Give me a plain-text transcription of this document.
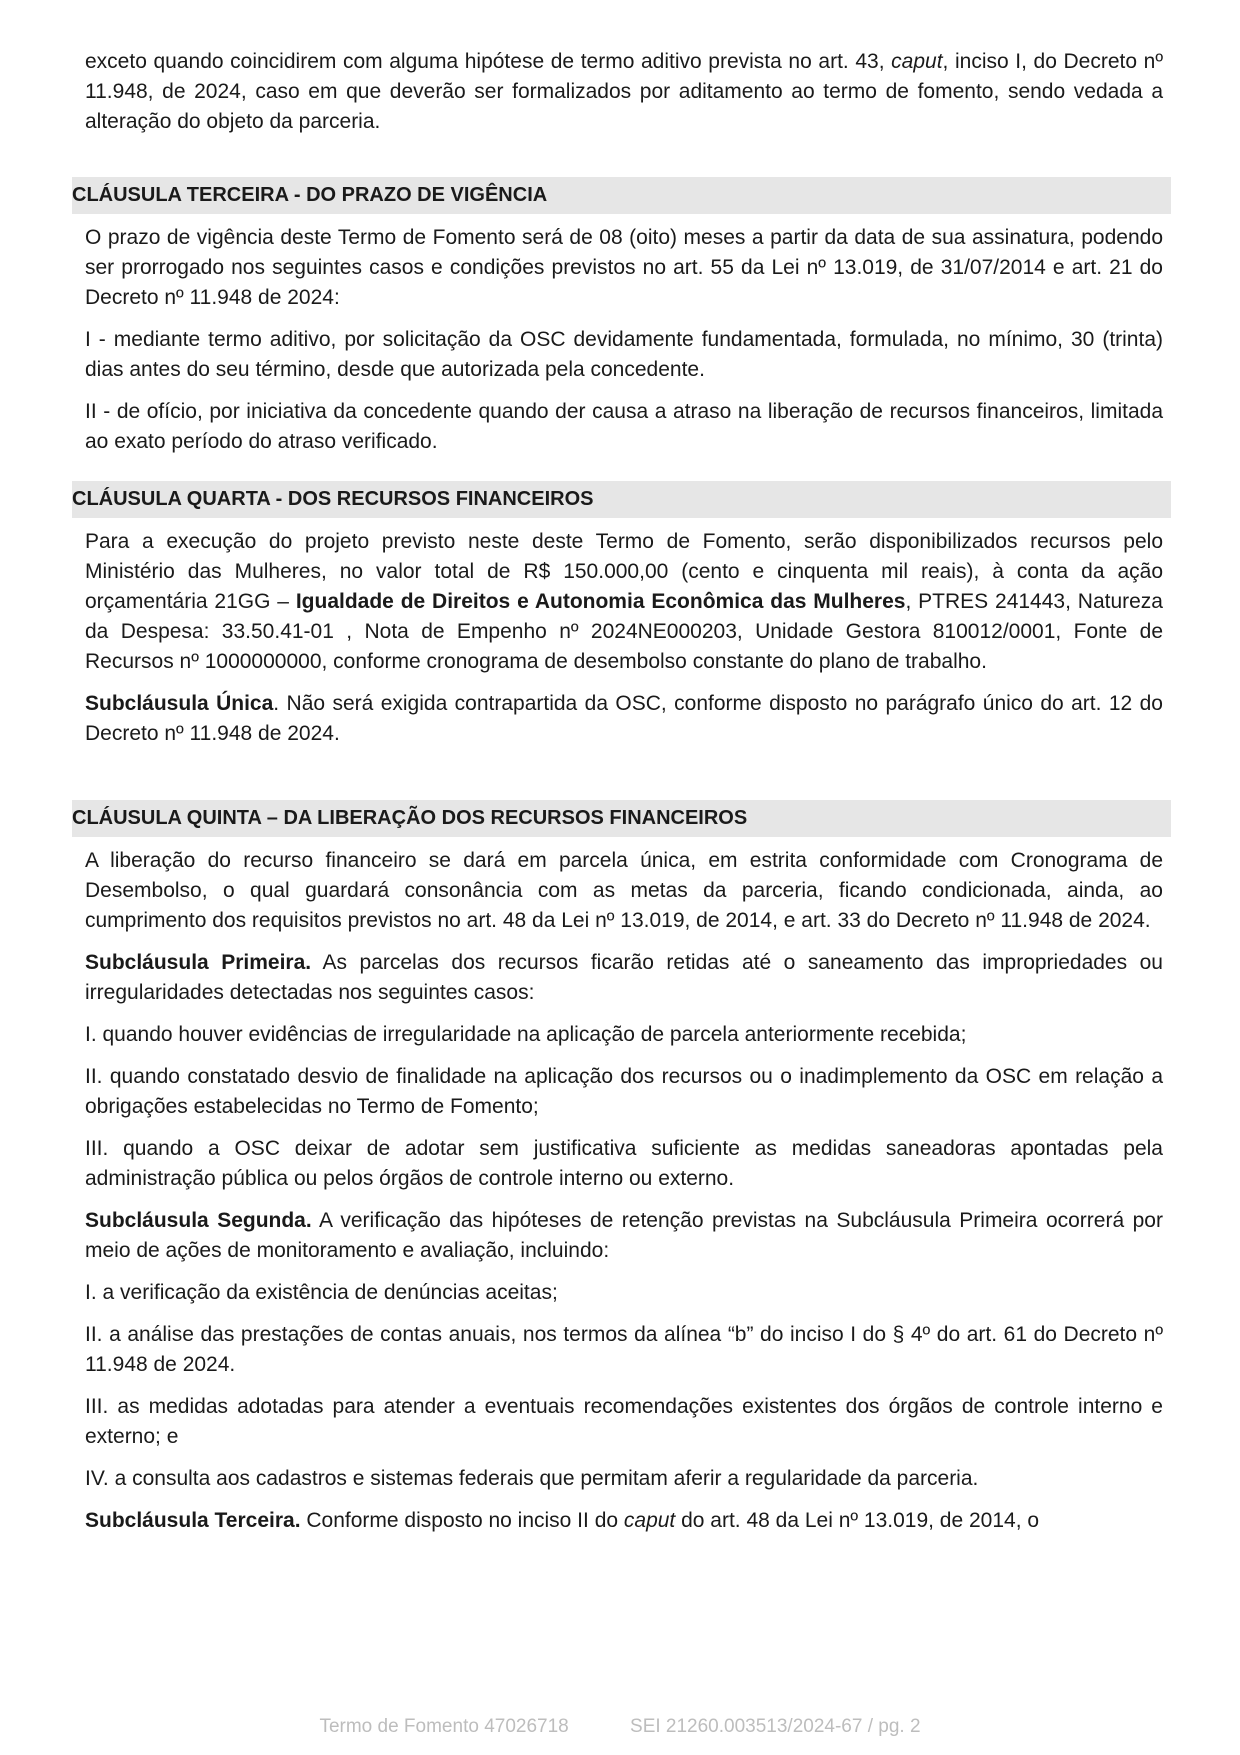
exceto quando coincidirem com alguma hipótese de termo aditivo prevista no art. 43, caput, inciso I, do Decreto nº 11.948, de 2024, caso em que deverão ser formalizados por aditamento ao termo de fomento, sendo vedada a alteração do objeto da parceria.

CLÁUSULA TERCEIRA - DO PRAZO DE VIGÊNCIA

O prazo de vigência deste Termo de Fomento será de 08 (oito) meses a partir da data de sua assinatura, podendo ser prorrogado nos seguintes casos e condições previstos no art. 55 da Lei nº 13.019, de 31/07/2014 e art. 21 do Decreto nº 11.948 de 2024:

I - mediante termo aditivo, por solicitação da OSC devidamente fundamentada, formulada, no mínimo, 30 (trinta) dias antes do seu término, desde que autorizada pela concedente.

II - de ofício, por iniciativa da concedente quando der causa a atraso na liberação de recursos financeiros, limitada ao exato período do atraso verificado.

CLÁUSULA QUARTA - DOS RECURSOS FINANCEIROS

Para a execução do projeto previsto neste deste Termo de Fomento, serão disponibilizados recursos pelo Ministério das Mulheres, no valor total de R$ 150.000,00 (cento e cinquenta mil reais), à conta da ação orçamentária 21GG – Igualdade de Direitos e Autonomia Econômica das Mulheres, PTRES 241443, Natureza da Despesa: 33.50.41-01 , Nota de Empenho nº 2024NE000203, Unidade Gestora 810012/0001, Fonte de Recursos nº 1000000000, conforme cronograma de desembolso constante do plano de trabalho.

Subcláusula Única. Não será exigida contrapartida da OSC, conforme disposto no parágrafo único do art. 12 do Decreto nº 11.948 de 2024.

CLÁUSULA QUINTA – DA LIBERAÇÃO DOS RECURSOS FINANCEIROS

A liberação do recurso financeiro se dará em parcela única, em estrita conformidade com Cronograma de Desembolso, o qual guardará consonância com as metas da parceria, ficando condicionada, ainda, ao cumprimento dos requisitos previstos no art. 48 da Lei nº 13.019, de 2014, e art. 33 do Decreto nº 11.948 de 2024.

Subcláusula Primeira. As parcelas dos recursos ficarão retidas até o saneamento das impropriedades ou irregularidades detectadas nos seguintes casos:

I. quando houver evidências de irregularidade na aplicação de parcela anteriormente recebida;

II. quando constatado desvio de finalidade na aplicação dos recursos ou o inadimplemento da OSC em relação a obrigações estabelecidas no Termo de Fomento;

III. quando a OSC deixar de adotar sem justificativa suficiente as medidas saneadoras apontadas pela administração pública ou pelos órgãos de controle interno ou externo.

Subcláusula Segunda. A verificação das hipóteses de retenção previstas na Subcláusula Primeira ocorrerá por meio de ações de monitoramento e avaliação, incluindo:

I. a verificação da existência de denúncias aceitas;

II. a análise das prestações de contas anuais, nos termos da alínea “b” do inciso I do § 4º do art. 61 do Decreto nº 11.948 de 2024.

III. as medidas adotadas para atender a eventuais recomendações existentes dos órgãos de controle interno e externo; e

IV. a consulta aos cadastros e sistemas federais que permitam aferir a regularidade da parceria.

Subcláusula Terceira. Conforme disposto no inciso II do caput do art. 48 da Lei nº 13.019, de 2014, o

Termo de Fomento 47026718	SEI 21260.003513/2024-67 / pg. 2
